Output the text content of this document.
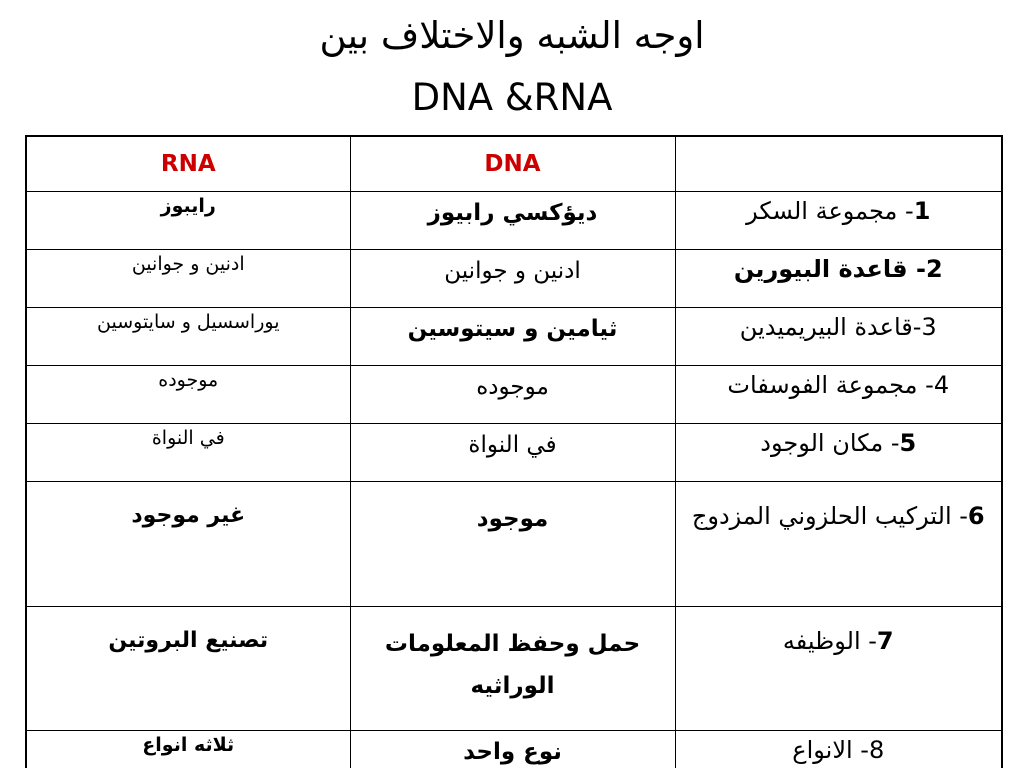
اوجه الشبه والاختلاف بين
DNA &RNA
RNA	DNA	
رايبوز	ديؤكسي رابيوز	1- مجموعة السكر
ادنين و جوانين	ادنين و جوانين	2- قاعدة البيورين
يوراسسيل و سايتوسين	ثيامين و سيتوسين	3-قاعدة البيريميدين
موجوده	موجوده	4- مجموعة الفوسفات
في النواة	في النواة	5- مكان الوجود
غير موجود	موجود	6- التركيب الحلزوني المزدوج
تصنيع البروتين	حمل وحفظ المعلومات الوراثيه	7- الوظيفه
ثلاثه انواع	نوع واحد	8- الانواع
